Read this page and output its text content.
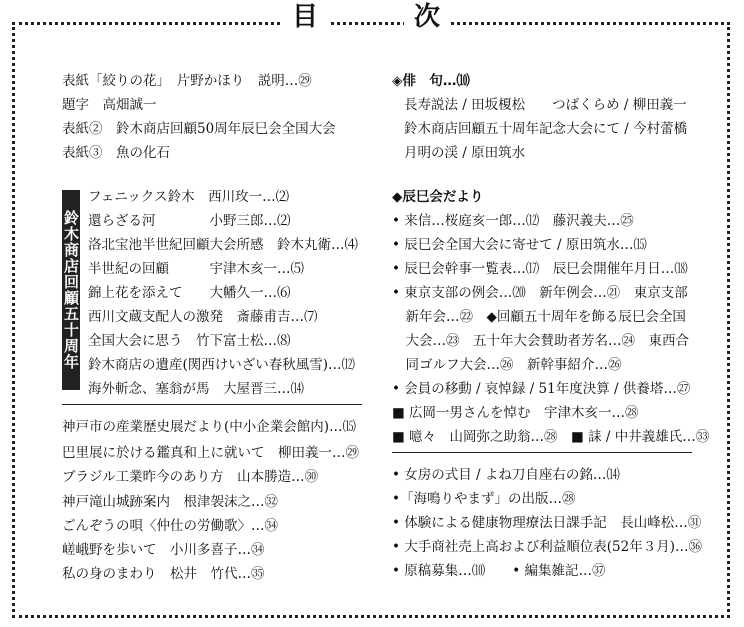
目	次
表紙「絞りの花」　片野かほり　説明…㉙
題字　高畑誠一
表紙②　鈴木商店回顧50周年辰巳会全国大会
表紙③　魚の化石
鈴木商店回顧五十周年
フェニックス鈴木　西川玫一…⑵
還らざる河　　　　小野三郎…⑵
洛北宝池半世紀回顧大会所感　鈴木丸衛…⑷
半世紀の回顧　　　宇津木亥一…⑸
錦上花を添えて　　大幡久一…⑹
西川文蔵支配人の激発　斎藤甫吉…⑺
全国大会に思う　竹下富士松…⑻
鈴木商店の遺産(関西けいざい春秋風雪)…⑿
海外斬念、塞翁が馬　大屋晋三…⒁
神戸市の産業歴史展だより(中小企業会館内)…⒂
巴里展に於ける鑑真和上に就いて　柳田義一…㉙
ブラジル工業昨今のあり方　山本勝造…㉚
神戸滝山城跡案内　根津袈沫之…㉜
ごんぞうの唄〈仲仕の労働歌〉…㉞
嵯峨野を歩いて　小川多喜子…㉞
私の身のまわり　松井　竹代…㉟
◈俳　句…⑽
長寿説法 / 田坂榎松　　つばくらめ / 柳田義一
鈴木商店回顧五十周年記念大会にて / 今村蕾橋
月明の渓 / 原田筑水
◆辰巳会だより
• 来信…桜庭亥一郎…⑿　藤沢義夫…㉕
• 辰巳会全国大会に寄せて / 原田筑水…⒂
• 辰巳会幹事一覧表…⒄　辰巳会開催年月日…⒅
• 東京支部の例会…⒇　新年例会…㉑　東京支部
　新年会…㉒　◆回顧五十周年を飾る辰巳会全国
　大会…㉓　五十年大会賛助者芳名…㉔　東西合
　同ゴルフ大会…㉖　新幹事紹介…㉖
• 会員の移動 / 哀悼録 / 51年度決算 / 供養塔…㉗
■ 広岡一男さんを悼む　宇津木亥一…㉘
■ 噫々　山岡弥之助翁…㉘　■ 誄 / 中井義雄氏…㉝
• 女房の式目 / よね刀自座右の銘…⒁
•「海鳴りやまず」の出版…㉘
• 体験による健康物理療法日課手記　長山峰松…㉛
• 大手商社売上高および利益順位表(52年３月)…㊱
• 原稿募集…⑽　　• 編集雑記…㊲
